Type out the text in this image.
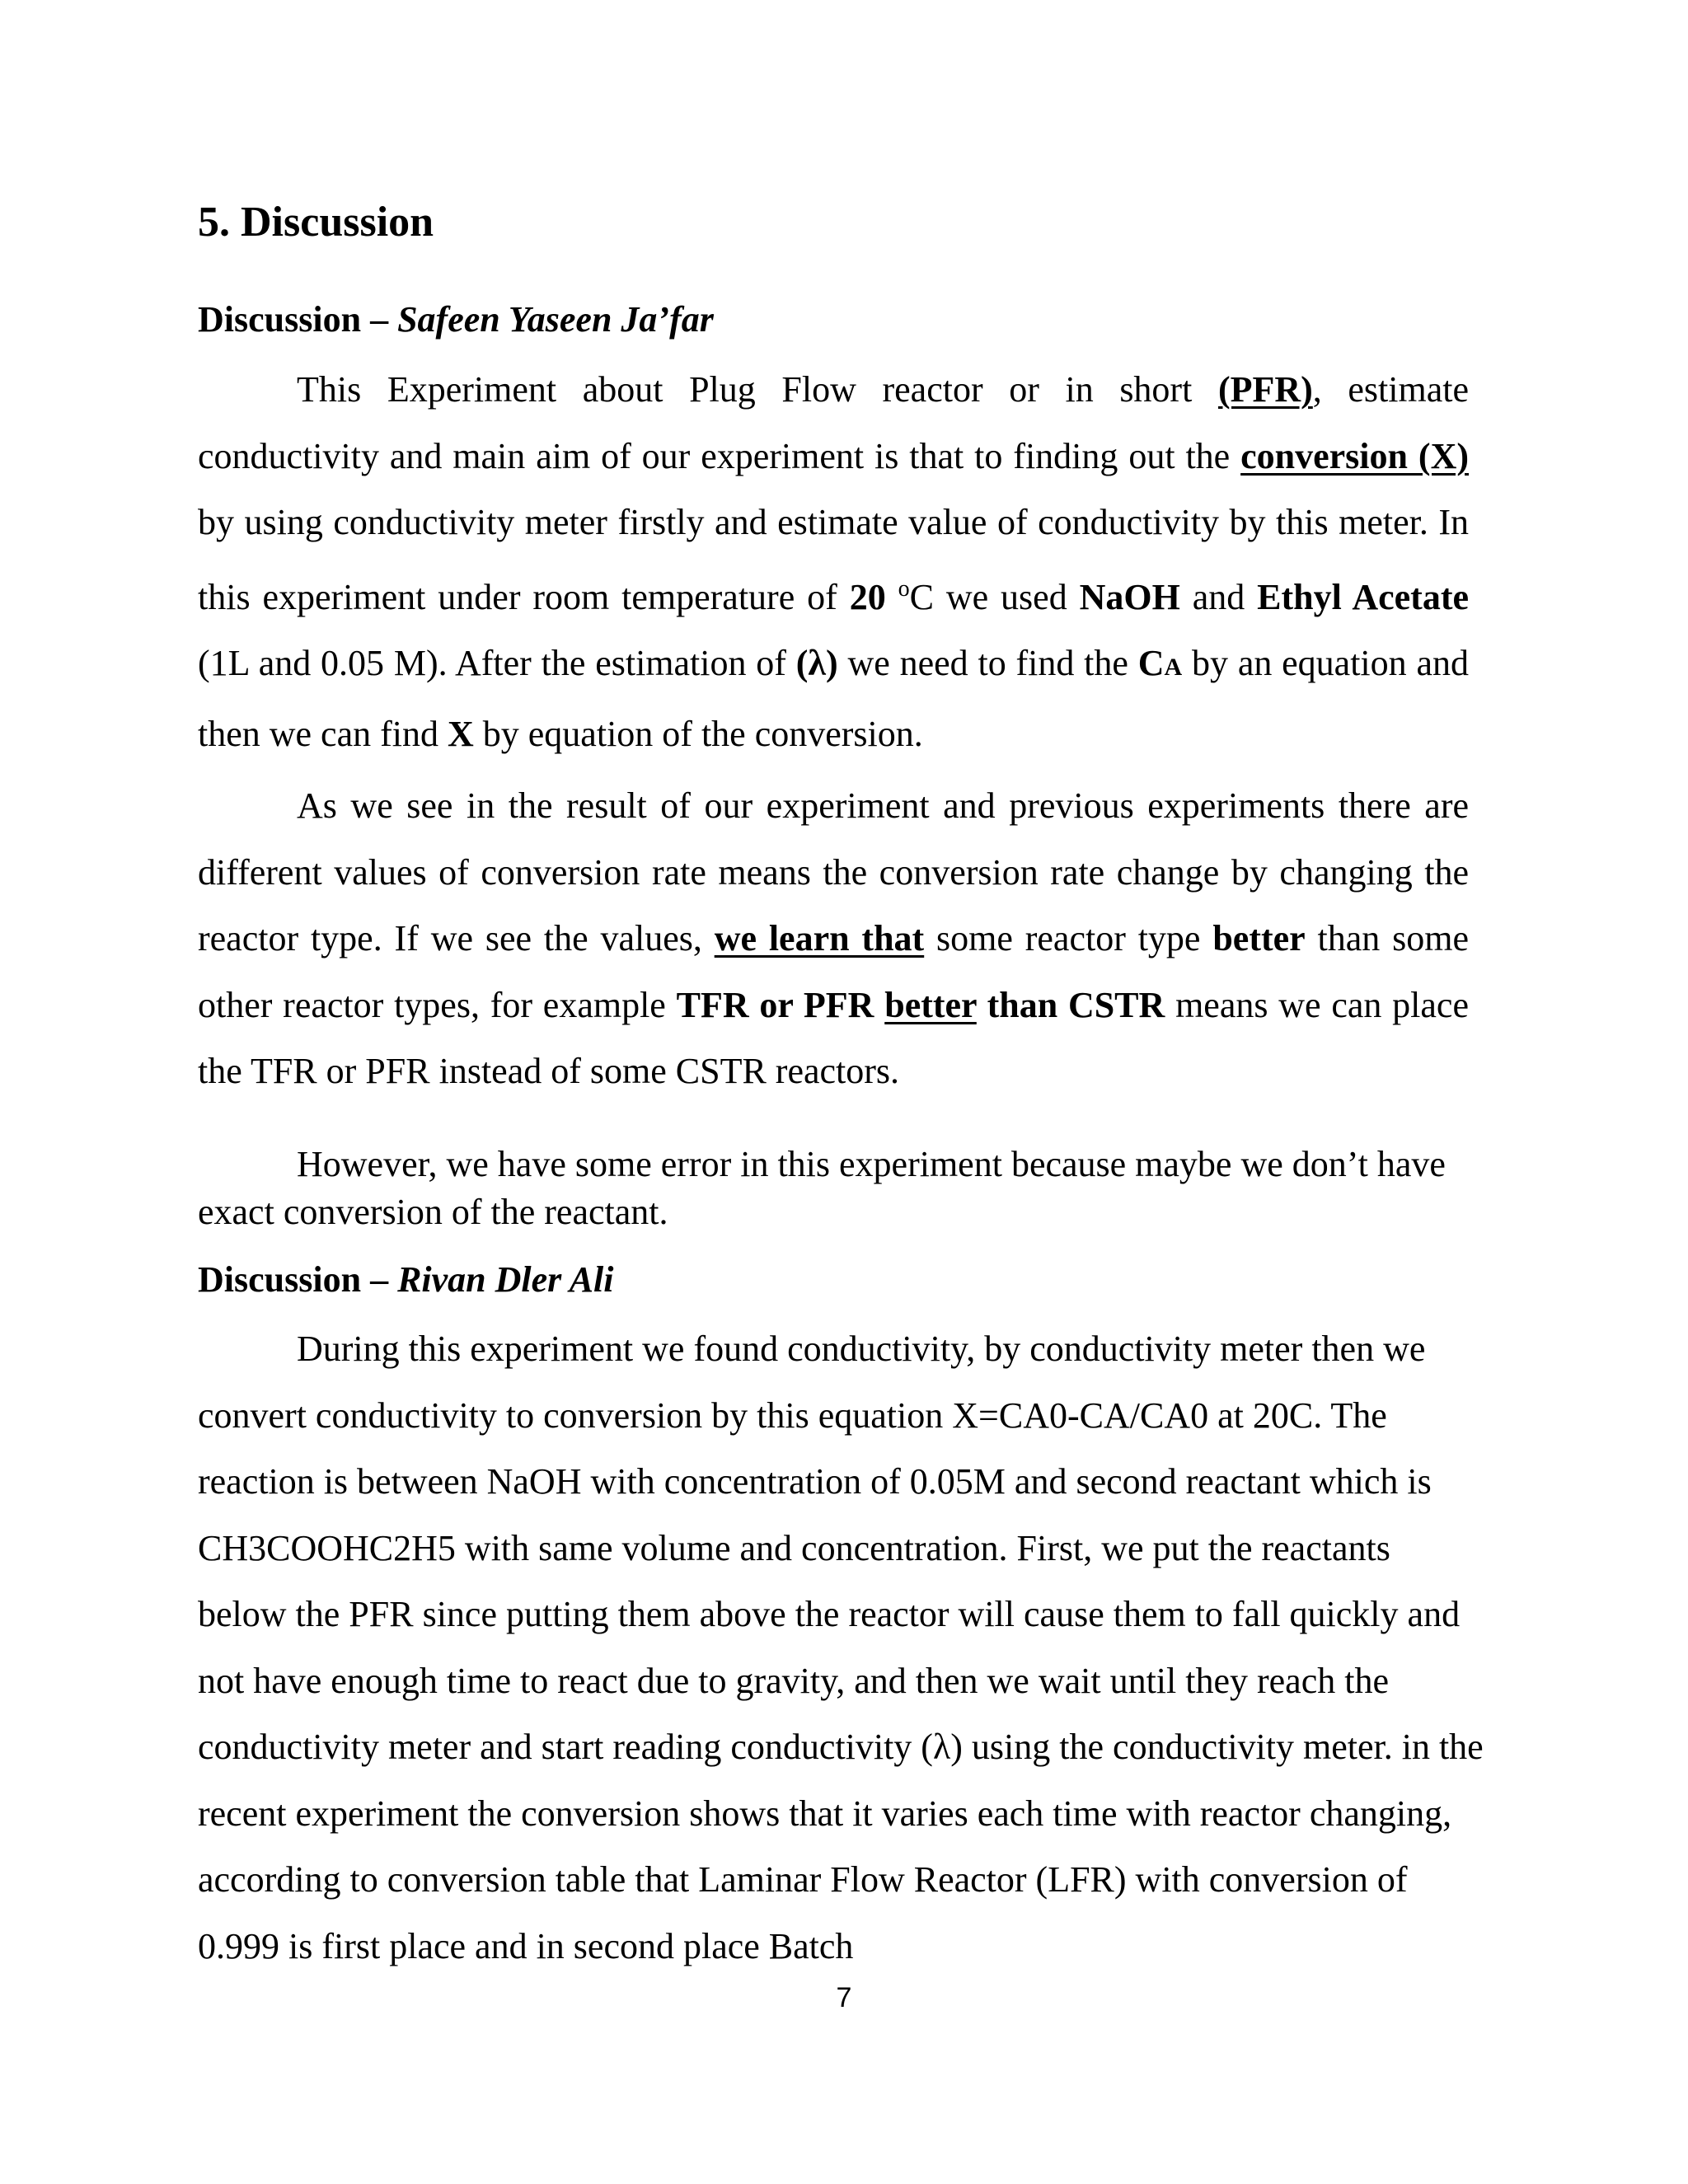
5. Discussion
Discussion – Safeen Yaseen Ja’far

This Experiment about Plug Flow reactor or in short (PFR), estimate conductivity and main aim of our experiment is that to finding out the conversion (X) by using conductivity meter firstly and estimate value of conductivity by this meter. In this experiment under room temperature of 20 $^o$C we used NaOH and Ethyl Acetate (1L and 0.05 M). After the estimation of (λ) we need to find the CA by an equation and then we can find X by equation of the conversion.

As we see in the result of our experiment and previous experiments there are different values of conversion rate means the conversion rate change by changing the reactor type. If we see the values, we learn that some reactor type better than some other reactor types, for example TFR or PFR better than CSTR means we can place the TFR or PFR instead of some CSTR reactors.

However, we have some error in this experiment because maybe we don’t have exact conversion of the reactant.

Discussion – Rivan Dler Ali

During this experiment we found conductivity, by conductivity meter then we convert conductivity to conversion by this equation X=CA0-CA/CA0 at 20C. The reaction is between NaOH with concentration of 0.05M and second reactant which is CH3COOHC2H5 with same volume and concentration. First, we put the reactants below the PFR since putting them above the reactor will cause them to fall quickly and not have enough time to react due to gravity, and then we wait until they reach the conductivity meter and start reading conductivity (λ) using the conductivity meter. in the recent experiment the conversion shows that it varies each time with reactor changing, according to conversion table that Laminar Flow Reactor (LFR) with conversion of 0.999 is first place and in second place Batch

7
